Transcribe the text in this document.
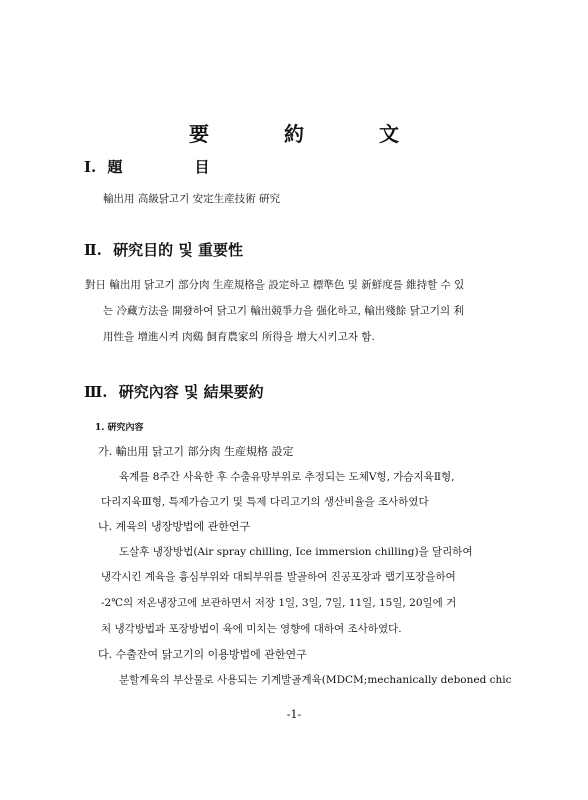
要 約 文
Ⅰ. 題　　目
輸出用 高級닭고기 安定生産技術 硏究
Ⅱ. 硏究目的 및 重要性
對日 輸出用 닭고기 部分肉 生産規格을 設定하고 標準色 및 新鮮度를 維持할 수 있
는 冷藏方法을 開發하여 닭고기 輸出競爭力을 强化하고, 輸出殘餘 닭고기의 利
用性을 增進시켜 肉鷄 飼育農家의 所得을 增大시키고자 함.
Ⅲ. 硏究內容 및 結果要約
1. 硏究內容
가. 輸出用 닭고기 部分肉 生産規格 設定
육계를 8주간 사육한 후 수출유망부위로 추정되는 도체Ⅴ형, 가슴지육Ⅱ형,
다리지육Ⅲ형, 특제가슴고기 및 특제 다리고기의 생산비율을 조사하였다
나. 계육의 냉장방법에 관한연구
도살후 냉장방법(Air spray chilling, Ice immersion chilling)을 달리하여
냉각시킨 계육을 흉심부위와 대퇴부위를 발골하여 진공포장과 랩기포장을하여
-2℃의 저온냉장고에 보관하면서 저장 1일, 3일, 7일, 11일, 15일, 20일에 거
처 냉각방법과 포장방법이 육에 미치는 영향에 대하여 조사하였다.
다. 수출잔여 닭고기의 이용방법에 관한연구
분할계육의 부산물로 사용되는 기계발골계육(MDCM;mechanically deboned chic
-1-
